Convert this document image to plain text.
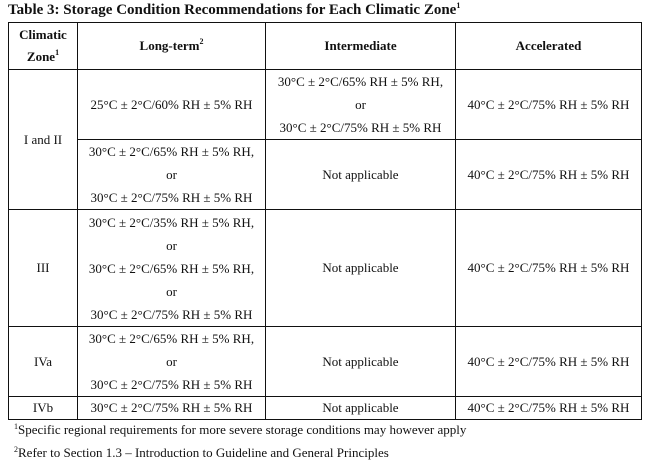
Table 3: Storage Condition Recommendations for Each Climatic Zone$^1$
Climatic
Zone$^1$	Long-term$^2$	Intermediate	Accelerated
I and II	25°C ± 2°C/60% RH ± 5% RH	30°C ± 2°C/65% RH ± 5% RH,
or
30°C ± 2°C/75% RH ± 5% RH	40°C ± 2°C/75% RH ± 5% RH

	30°C ± 2°C/65% RH ± 5% RH,
or
30°C ± 2°C/75% RH ± 5% RH	Not applicable	40°C ± 2°C/75% RH ± 5% RH
III	30°C ± 2°C/35% RH ± 5% RH,
or
30°C ± 2°C/65% RH ± 5% RH,
or
30°C ± 2°C/75% RH ± 5% RH	Not applicable	40°C ± 2°C/75% RH ± 5% RH
IVa	30°C ± 2°C/65% RH ± 5% RH,
or
30°C ± 2°C/75% RH ± 5% RH	Not applicable	40°C ± 2°C/75% RH ± 5% RH
IVb	30°C ± 2°C/75% RH ± 5% RH	Not applicable	40°C ± 2°C/75% RH ± 5% RH
$^1$Specific regional requirements for more severe storage conditions may however apply
$^2$Refer to Section 1.3 – Introduction to Guideline and General Principles
